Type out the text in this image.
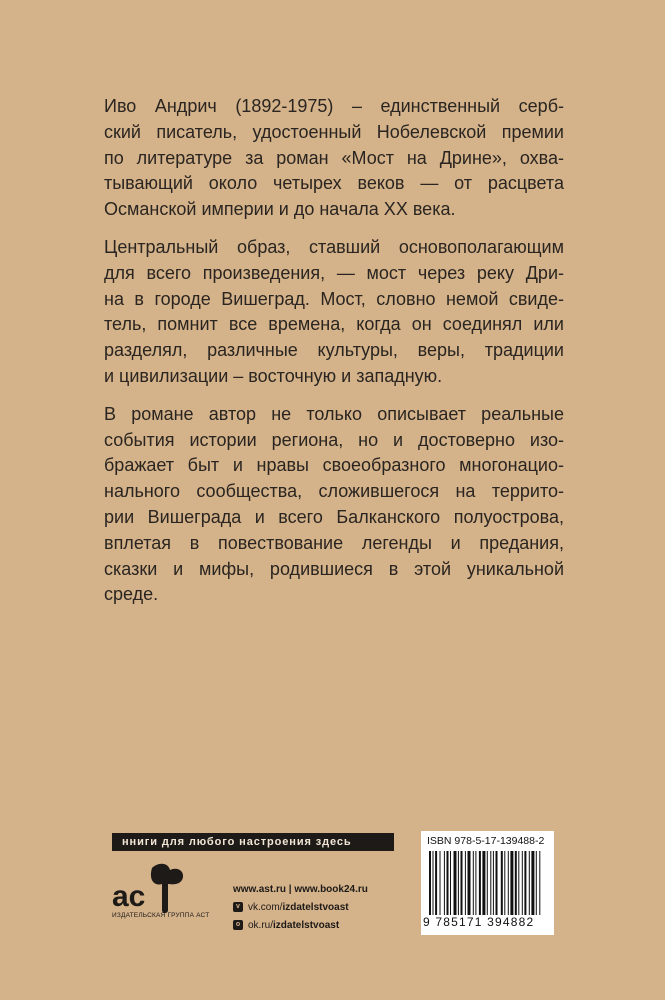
Иво Андрич (1892-1975) – единственный серб-
ский писатель, удостоенный Нобелевской премии
по литературе за роман «Мост на Дрине», охва-
тывающий около четырех веков — от расцвета
Османской империи и до начала XX века.

Центральный образ, ставший основополагающим
для всего произведения, — мост через реку Дри-
на в городе Вишеград. Мост, словно немой свиде-
тель, помнит все времена, когда он соединял или
разделял, различные культуры, веры, традиции
и цивилизации – восточную и западную.

В романе автор не только описывает реальные
события истории региона, но и достоверно изо-
бражает быт и нравы своеобразного многонацио-
нального сообщества, сложившегося на террито-
рии Вишеграда и всего Балканского полуострова,
вплетая в повествование легенды и предания,
сказки и мифы, родившиеся в этой уникальной
среде.

нниги для любого настроения здесь
ac
ИЗДАТЕЛЬСКАЯ ГРУППА АСТ
www.ast.ru | www.book24.ru
v vk.com/ izdatelstvoast
o ok.ru/ izdatelstvoast
ISBN 978-5-17-139488-2
9 785171 394882
